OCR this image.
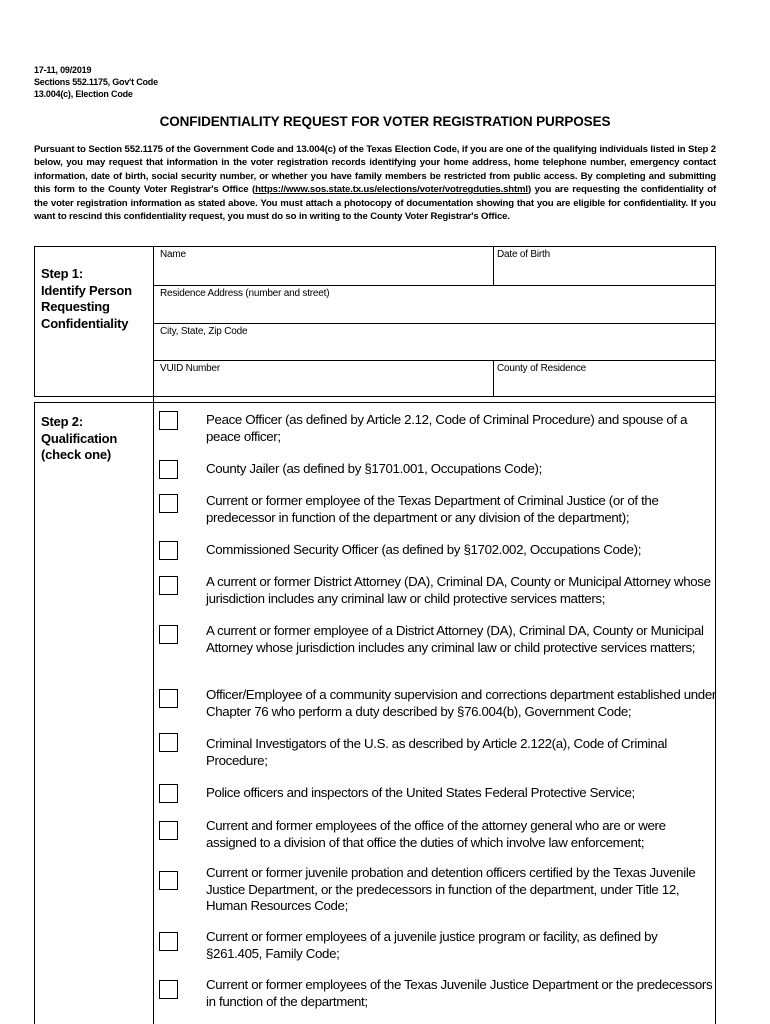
17-11, 09/2019
Sections 552.1175, Gov't Code
13.004(c), Election Code
CONFIDENTIALITY REQUEST FOR VOTER REGISTRATION PURPOSES
Pursuant to Section 552.1175 of the Government Code and 13.004(c) of the Texas Election Code, if you are one of the qualifying individuals listed in Step 2 below, you may request that information in the voter registration records identifying your home address, home telephone number, emergency contact information, date of birth, social security number, or whether you have family members be restricted from public access. By completing and submitting this form to the County Voter Registrar's Office (https://www.sos.state.tx.us/elections/voter/votregduties.shtml) you are requesting the confidentiality of the voter registration information as stated above. You must attach a photocopy of documentation showing that you are eligible for confidentiality. If you want to rescind this confidentiality request, you must do so in writing to the County Voter Registrar's Office.
Step 1:
Identify Person
Requesting
Confidentiality
Name	Date of Birth
Residence Address (number and street)
City, State, Zip Code
VUID Number	County of Residence
Step 2:
Qualification
(check one)
Peace Officer (as defined by Article 2.12, Code of Criminal Procedure) and spouse of a peace officer;
County Jailer (as defined by §1701.001, Occupations Code);
Current or former employee of the Texas Department of Criminal Justice (or of the predecessor in function of the department or any division of the department);
Commissioned Security Officer (as defined by §1702.002, Occupations Code);
A current or former District Attorney (DA), Criminal DA, County or Municipal Attorney whose jurisdiction includes any criminal law or child protective services matters;
A current or former employee of a District Attorney (DA), Criminal DA, County or Municipal Attorney whose jurisdiction includes any criminal law or child protective services matters;
Officer/Employee of a community supervision and corrections department established under Chapter 76 who perform a duty described by §76.004(b), Government Code;
Criminal Investigators of the U.S. as described by Article 2.122(a), Code of Criminal Procedure;
Police officers and inspectors of the United States Federal Protective Service;
Current and former employees of the office of the attorney general who are or were assigned to a division of that office the duties of which involve law enforcement;
Current or former juvenile probation and detention officers certified by the Texas Juvenile Justice Department, or the predecessors in function of the department, under Title 12, Human Resources Code;
Current or former employees of a juvenile justice program or facility, as defined by §261.405, Family Code;
Current or former employees of the Texas Juvenile Justice Department or the predecessors in function of the department;
